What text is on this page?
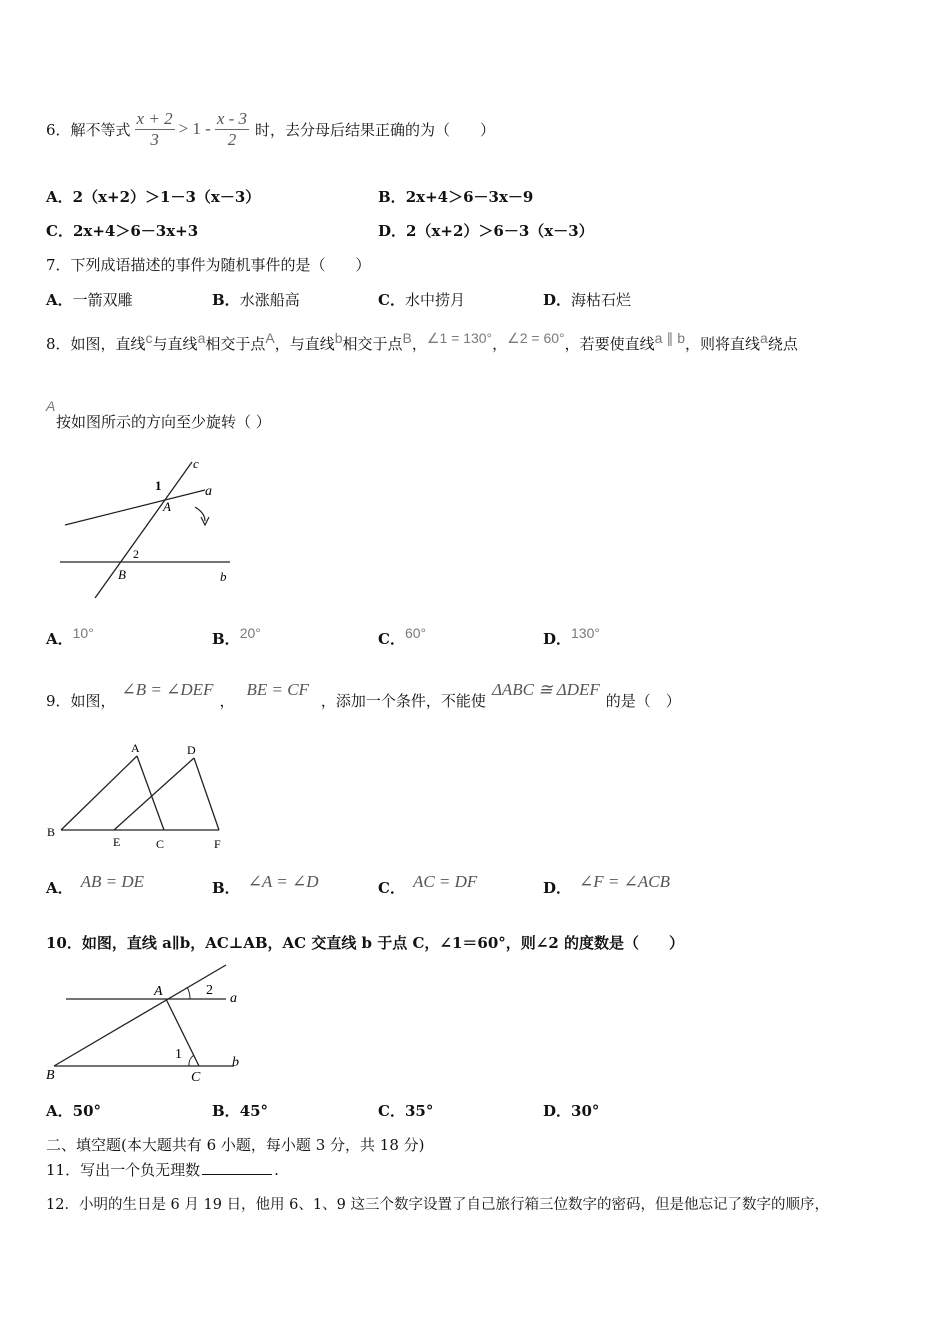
6．解不等式 $\frac{x + 2}{3} > 1 - \frac{x - 3}{2}$ 时，去分母后结果正确的为（　　）
A．2（x+2）＞1－3（x－3）	B．2x+4＞6－3x－9
C．2x+4＞6－3x+3	D．2（x+2）＞6－3（x－3）
7．下列成语描述的事件为随机事件的是（　　）
A．一箭双雕	B．水涨船高	C．水中捞月	D．海枯石烂
8．如图，直线$^c$与直线$^a$相交于点$^A$，与直线$^b$相交于点$^B$，$^{\angle 1 = 130^\circ}$，$^{\angle 2 = 60^\circ}$，若要使直线$^{a \parallel b}$，则将直线$^a$绕点
A
按如图所示的方向至少旋转（ ）
c
1	a
A
2
B	b
A．$^{10^\circ}$	B．$^{20^\circ}$	C．$^{60^\circ}$	D．$^{130^\circ}$
9．如图，
∠B = ∠DEF
，
BE = CF
，添加一个条件，不能使
ΔABC ≅ ΔDEF
的是（　）
A	D
B
E	C	F
A． $^{AB = DE}$	B． $^{\angle A = \angle D}$	C． $^{AC = DF}$	D． $^{\angle F = \angle ACB}$
10．如图，直线 a∥b，AC⊥AB，AC 交直线 b 于点 C，∠1＝60°，则∠2 的度数是（　　）
A	2
a
1
b
B	C
A．50°	B．45°	C．35°	D．30°
二、填空题(本大题共有 6 小题，每小题 3 分，共 18 分)
11．写出一个负无理数	.
12．小明的生日是 6 月 19 日，他用 6、1、9 这三个数字设置了自己旅行箱三位数字的密码，但是他忘记了数字的顺序，
